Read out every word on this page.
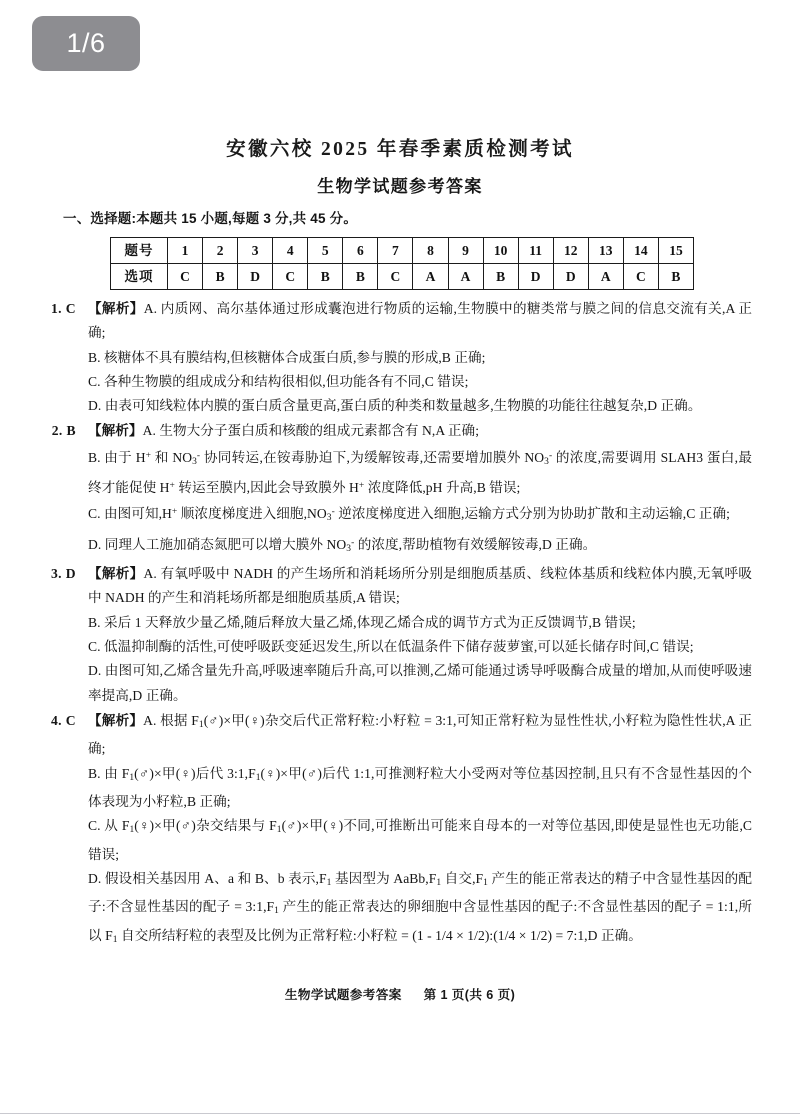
1/6
安徽六校 2025 年春季素质检测考试
生物学试题参考答案
一、选择题:本题共 15 小题,每题 3 分,共 45 分。
题号	1	2	3	4	5	6	7	8	9	10	11	12	13	14	15
选项	C	B	D	C	B	B	C	A	A	B	D	D	A	C	B
1. C 【解析】A. 内质网、高尔基体通过形成囊泡进行物质的运输,生物膜中的糖类常与膜之间的信息交流有关,A 正确;

B. 核糖体不具有膜结构,但核糖体合成蛋白质,参与膜的形成,B 正确;

C. 各种生物膜的组成成分和结构很相似,但功能各有不同,C 错误;

D. 由表可知线粒体内膜的蛋白质含量更高,蛋白质的种类和数量越多,生物膜的功能往往越复杂,D 正确。

2. B 【解析】A. 生物大分子蛋白质和核酸的组成元素都含有 N,A 正确;

B. 由于 H+ 和 $NO_3^-$ 协同转运,在铵毒胁迫下,为缓解铵毒,还需要增加膜外 $NO_3^-$ 的浓度,需要调用 SLAH3 蛋白,最终才能促使 H+ 转运至膜内,因此会导致膜外 H+ 浓度降低,pH 升高,B 错误;

C. 由图可知,H+ 顺浓度梯度进入细胞$,NO_3^-$ 逆浓度梯度进入细胞,运输方式分别为协助扩散和主动运输,C 正确;

D. 同理人工施加硝态氮肥可以增大膜外 $NO_3^-$ 的浓度,帮助植物有效缓解铵毒,D 正确。

3. D 【解析】A. 有氧呼吸中 NADH 的产生场所和消耗场所分别是细胞质基质、线粒体基质和线粒体内膜,无氧呼吸中 NADH 的产生和消耗场所都是细胞质基质,A 错误;

B. 采后 1 天释放少量乙烯,随后释放大量乙烯,体现乙烯合成的调节方式为正反馈调节,B 错误;

C. 低温抑制酶的活性,可使呼吸跃变延迟发生,所以在低温条件下储存菠萝蜜,可以延长储存时间,C 错误;

D. 由图可知,乙烯含量先升高,呼吸速率随后升高,可以推测,乙烯可能通过诱导呼吸酶合成量的增加,从而使呼吸速率提高,D 正确。

4. C 【解析】A. 根据 $F_1(♂)\times$甲(♀)杂交后代正常籽粒:小籽粒 = 3:1,可知正常籽粒为显性性状,小籽粒为隐性性状,A 正确;

B. 由 $F_1(♂)\times$甲(♀)后代 $3:1,F_1(♀)\times$甲(♂)后代 1:1,可推测籽粒大小受两对等位基因控制,且只有不含显性基因的个体表现为小籽粒,B 正确;

C. 从 $F_1(♀)\times$甲(♂)杂交结果与 $F_1(♂)\times$甲(♀)不同,可推断出可能来自母本的一对等位基因,即使是显性也无功能,C 错误;

D. 假设相关基因用 A、a 和 B、b 表示$,F_1$ 基因型为 $AaBb,F_1$ 自交$,F_1$ 产生的能正常表达的精子中含显性基因的配子:不含显性基因的配子 = $3:1,F_1$ 产生的能正常表达的卵细胞中含显性基因的配子:不含显性基因的配子 = 1:1,所以 $F_1$ 自交所结籽粒的表型及比例为正常籽粒:小籽粒 = (1 - 1/4 × 1/2):(1/4 × 1/2) = 7:1,D 正确。

生物学试题参考答案 第 1 页(共 6 页)
